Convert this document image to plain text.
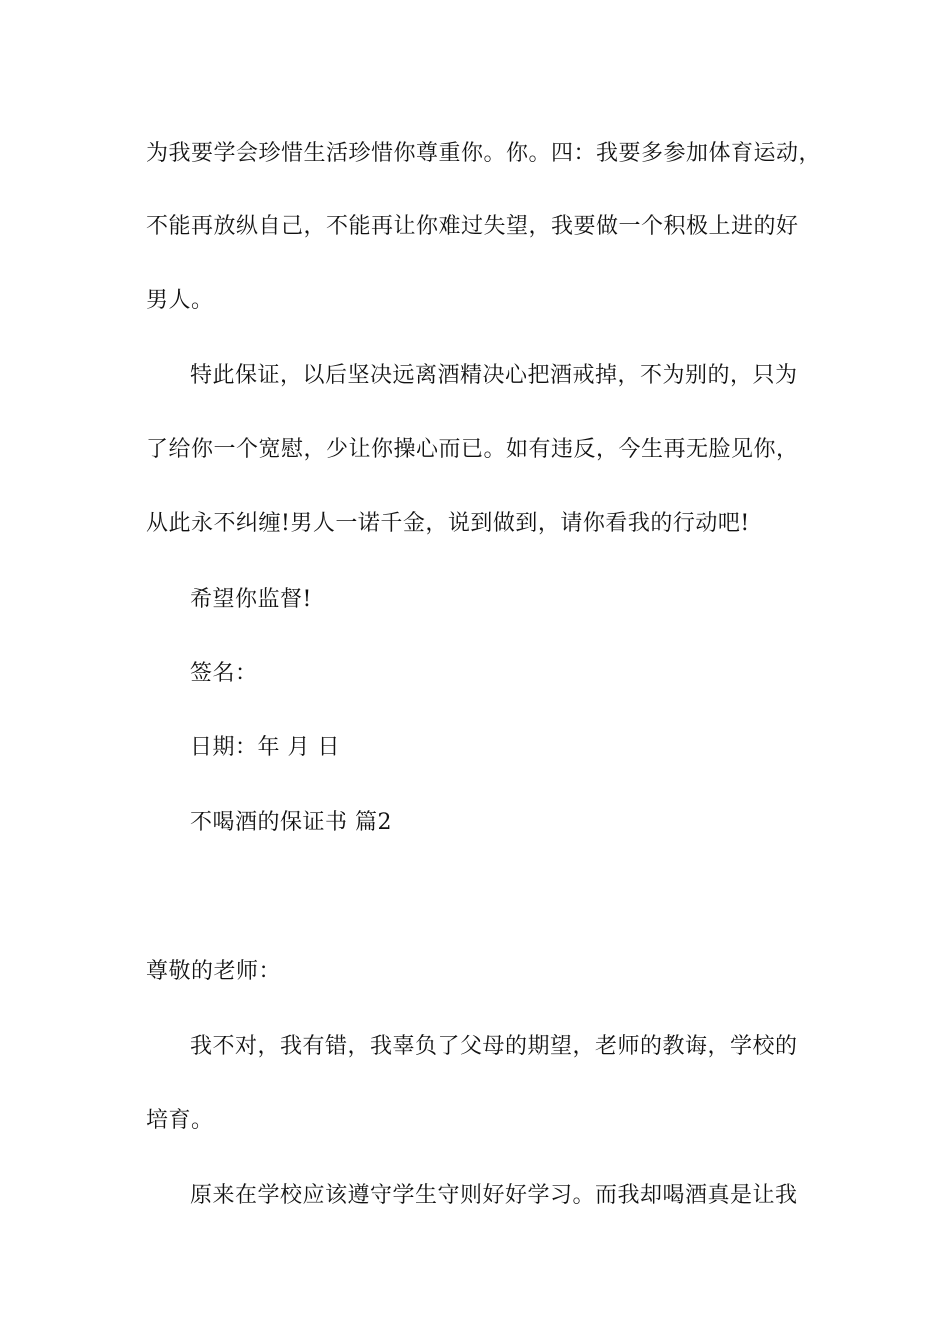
为我要学会珍惜生活珍惜你尊重你。你。四：我要多参加体育运动，
不能再放纵自己，不能再让你难过失望，我要做一个积极上进的好
男人。
特此保证，以后坚决远离酒精决心把酒戒掉，不为别的，只为
了给你一个宽慰，少让你操心而已。如有违反，今生再无脸见你，
从此永不纠缠!男人一诺千金，说到做到，请你看我的行动吧!
希望你监督!
签名：
日期：年 月 日
不喝酒的保证书 篇2
尊敬的老师：
我不对，我有错，我辜负了父母的期望，老师的教诲，学校的
培育。
原来在学校应该遵守学生守则好好学习。而我却喝酒真是让我
